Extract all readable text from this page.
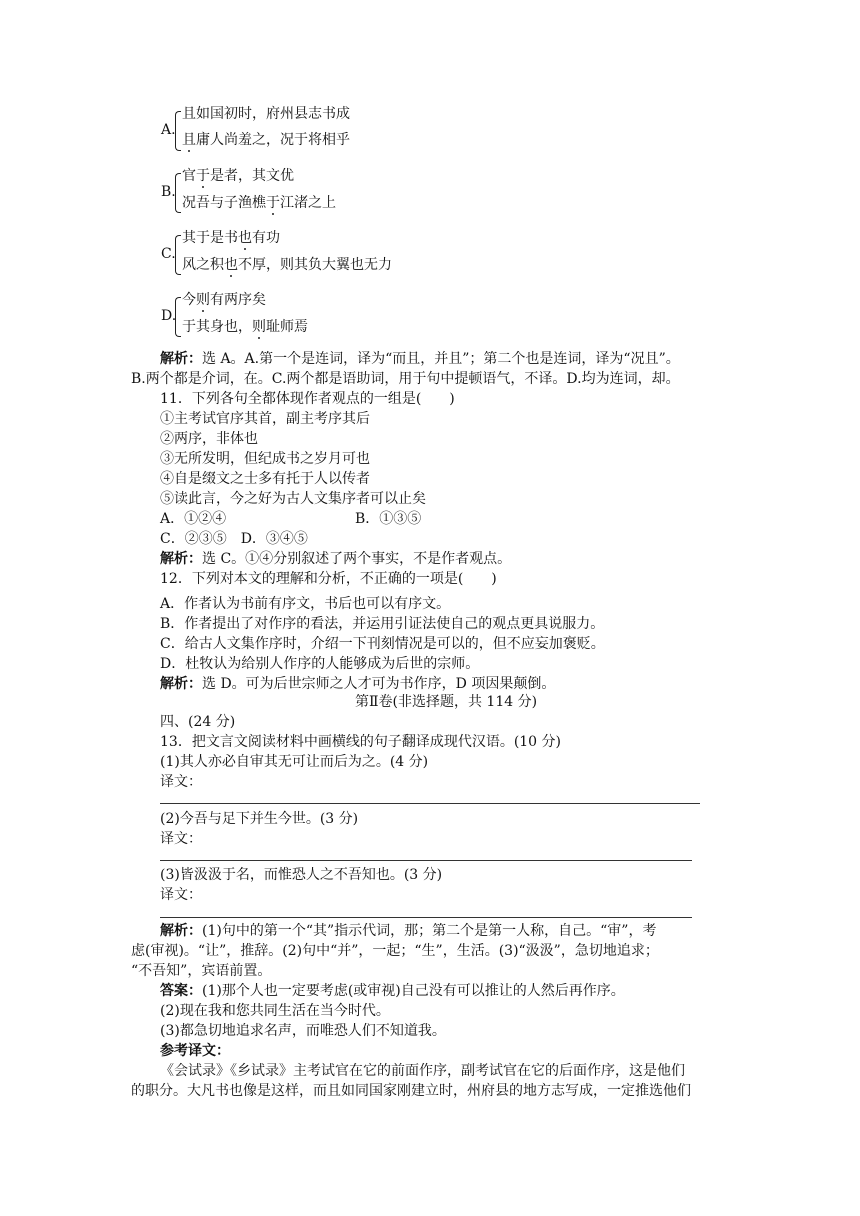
A.
且如国初时，府州县志书成
且庸人尚羞之，况于将相乎
B.
官于是者，其文优
况吾与子渔樵于江渚之上
C.
其于是书也有功
风之积也不厚，则其负大翼也无力
D.
今则有两序矣
于其身也，则耻师焉
解析：选 A。A.第一个是连词，译为“而且，并且”；第二个也是连词，译为“况且”。
B.两个都是介词，在。C.两个都是语助词，用于句中提顿语气，不译。D.均为连词，却。
11．下列各句全都体现作者观点的一组是(　　)
①主考试官序其首，副主考序其后
②两序，非体也
③无所发明，但纪成书之岁月可也
④自是缀文之士多有托于人以传者
⑤读此言，今之好为古人文集序者可以止矣
A．①②④	B．①③⑤
C．②③⑤　D．③④⑤
解析：选 C。①④分别叙述了两个事实，不是作者观点。
12．下列对本文的理解和分析，不正确的一项是(　　)
A．作者认为书前有序文，书后也可以有序文。
B．作者提出了对作序的看法，并运用引证法使自己的观点更具说服力。
C．给古人文集作序时，介绍一下刊刻情况是可以的，但不应妄加褒贬。
D．杜牧认为给别人作序的人能够成为后世的宗师。
解析：选 D。可为后世宗师之人才可为书作序，D 项因果颠倒。
第Ⅱ卷(非选择题，共 114 分)
四、(24 分)
13．把文言文阅读材料中画横线的句子翻译成现代汉语。(10 分)
(1)其人亦必自审其无可让而后为之。(4 分)
译文：
(2)今吾与足下并生今世。(3 分)
译文：
(3)皆汲汲于名，而惟恐人之不吾知也。(3 分)
译文：
解析：(1)句中的第一个“其”指示代词，那；第二个是第一人称，自己。“审”，考
虑(审视)。“让”，推辞。(2)句中“并”，一起；“生”，生活。(3)“汲汲”，急切地追求；
“不吾知”，宾语前置。
答案：(1)那个人也一定要考虑(或审视)自己没有可以推让的人然后再作序。
(2)现在我和您共同生活在当今时代。
(3)都急切地追求名声，而唯恐人们不知道我。
参考译文：
《会试录》《乡试录》主考试官在它的前面作序，副考试官在它的后面作序，这是他们
的职分。大凡书也像是这样，而且如同国家刚建立时，州府县的地方志写成，一定推选他们
